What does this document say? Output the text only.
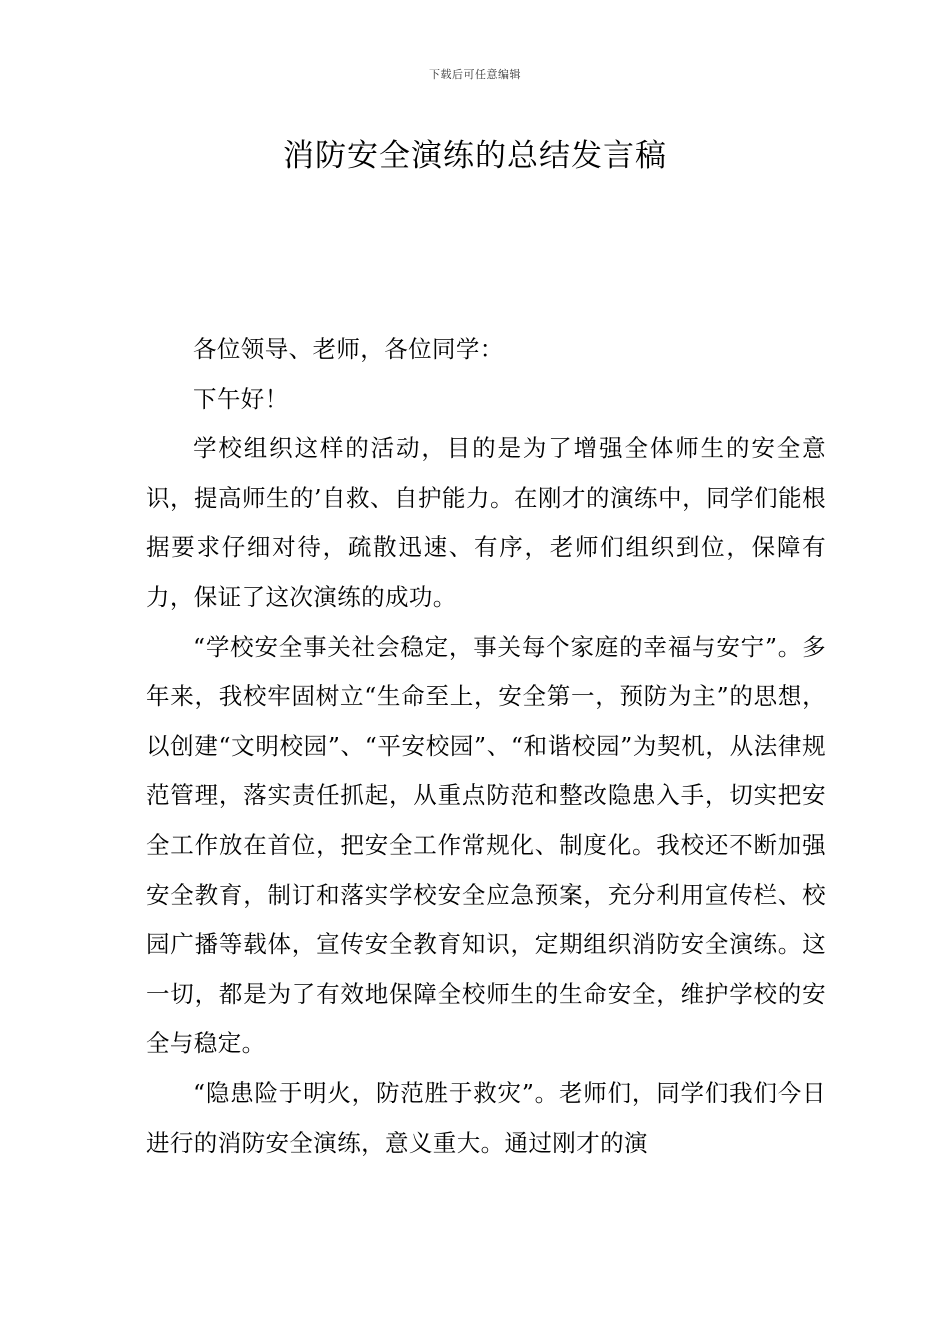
下载后可任意编辑
消防安全演练的总结发言稿

各位领导、老师，各位同学：

下午好！

学校组织这样的活动，目的是为了增强全体师生的安全意识，提高师生的’自救、自护能力。在刚才的演练中，同学们能根据要求仔细对待，疏散迅速、有序，老师们组织到位，保障有力，保证了这次演练的成功。

“学校安全事关社会稳定，事关每个家庭的幸福与安宁”。多年来，我校牢固树立“生命至上，安全第一，预防为主”的思想，以创建“文明校园”、“平安校园”、“和谐校园”为契机，从法律规范管理，落实责任抓起，从重点防范和整改隐患入手，切实把安全工作放在首位，把安全工作常规化、制度化。我校还不断加强安全教育，制订和落实学校安全应急预案，充分利用宣传栏、校园广播等载体，宣传安全教育知识，定期组织消防安全演练。这一切，都是为了有效地保障全校师生的生命安全，维护学校的安全与稳定。

“隐患险于明火，防范胜于救灾”。老师们，同学们我们今日进行的消防安全演练，意义重大。通过刚才的演
